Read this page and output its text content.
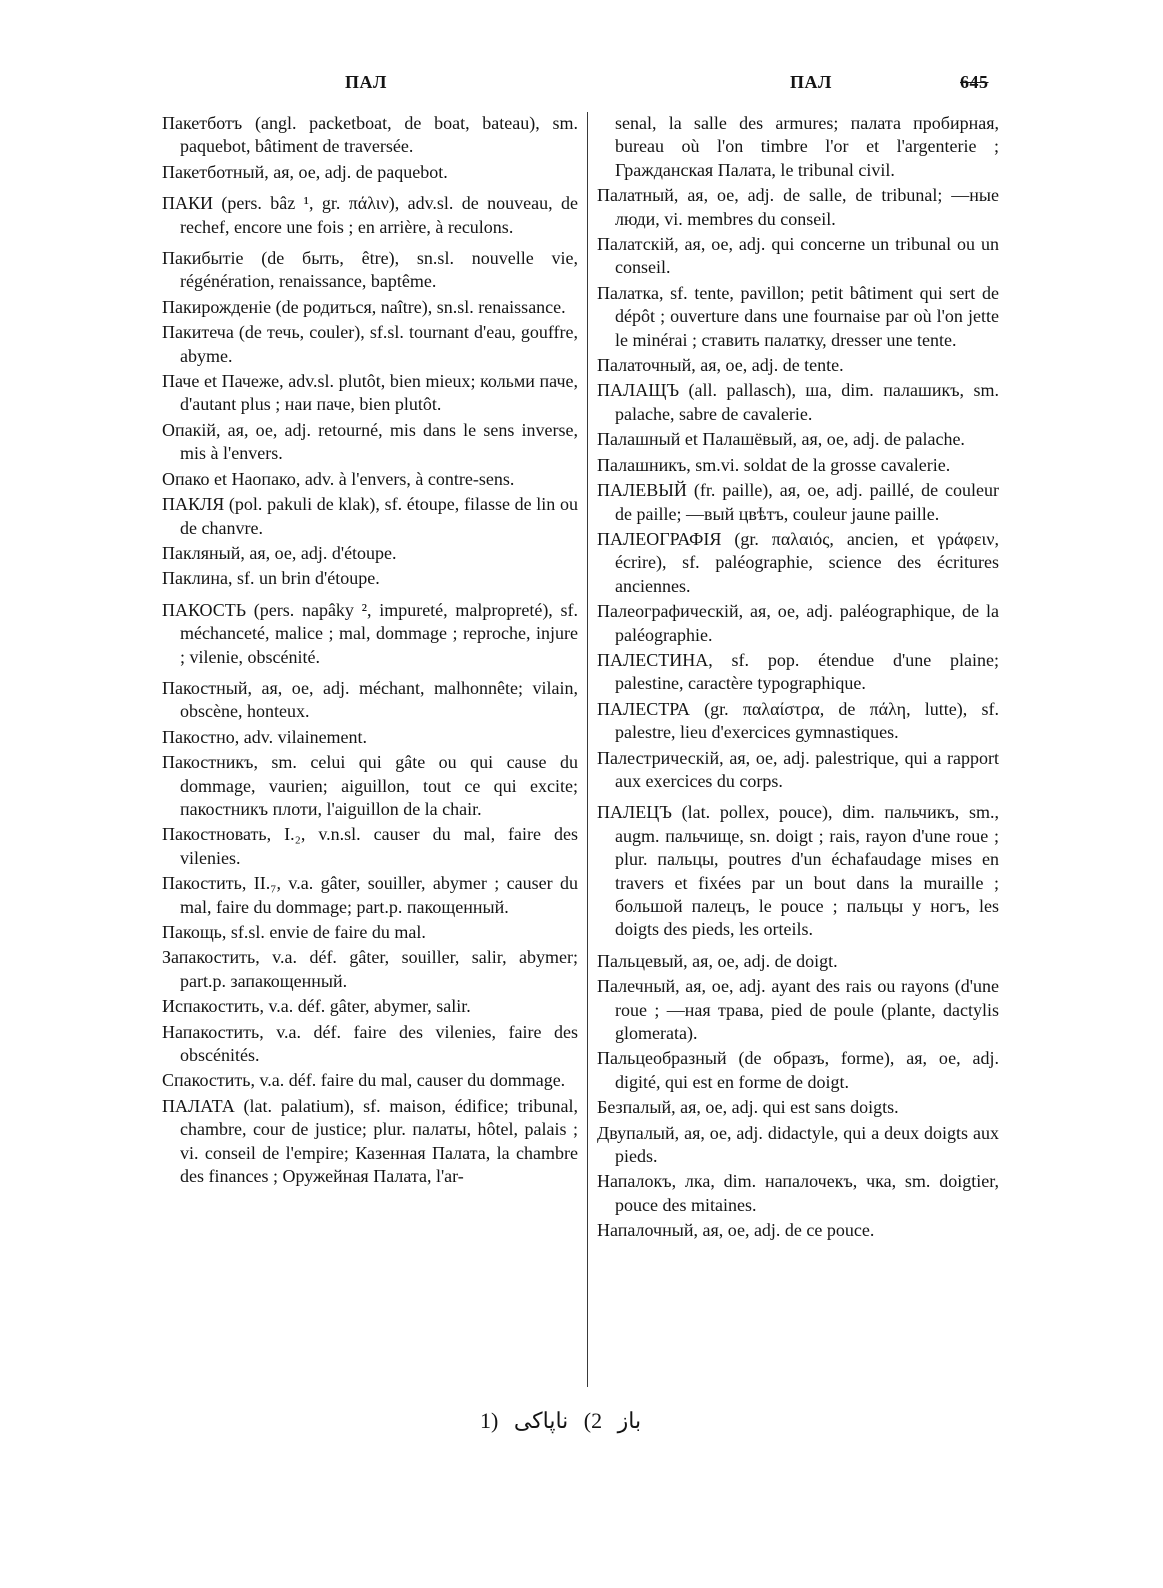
ПАЛ	ПАЛ	645

Пакетботъ (angl. packetboat, de boat, bateau), sm. paquebot, bâtiment de traversée.

Пакетботный, ая, ое, adj. de paquebot.

ПАКИ (pers. bâz ¹, gr. πάλιν), adv.sl. de nouveau, de rechef, encore une fois ; en arrière, à reculons.

Пакибытіе (de быть, être), sn.sl. nouvelle vie, régénération, renaissance, baptême.

Пакирожденіе (de родиться, naître), sn.sl. renaissance.

Пакитеча (de течь, couler), sf.sl. tournant d'eau, gouffre, abyme.

Паче et Пачеже, adv.sl. plutôt, bien mieux; кольми паче, d'autant plus ; наи паче, bien plutôt.

Опакій, ая, ое, adj. retourné, mis dans le sens inverse, mis à l'envers.

Опако et Наопако, adv. à l'envers, à contre-sens.

ПАКЛЯ (pol. pakuli de klak), sf. étoupe, filasse de lin ou de chanvre.

Пакляный, ая, ое, adj. d'étoupe.

Паклина, sf. un brin d'étoupe.

ПАКОСТЬ (pers. napâky ², impureté, malpropreté), sf. méchanceté, malice ; mal, dommage ; reproche, injure ; vilenie, obscénité.

Пакостный, ая, ое, adj. méchant, malhonnête; vilain, obscène, honteux.

Пакостно, adv. vilainement.

Пакостникъ, sm. celui qui gâte ou qui cause du dommage, vaurien; aiguillon, tout ce qui excite; пакостникъ плоти, l'aiguillon de la chair.

Пакостновать, I.₂, v.n.sl. causer du mal, faire des vilenies.

Пакостить, II.₇, v.a. gâter, souiller, abymer ; causer du mal, faire du dommage; part.p. пакощенный.

Пакощь, sf.sl. envie de faire du mal.

Запакостить, v.a. déf. gâter, souiller, salir, abymer; part.p. запакощенный.

Испакостить, v.a. déf. gâter, abymer, salir.

Напакостить, v.a. déf. faire des vilenies, faire des obscénités.

Спакостить, v.a. déf. faire du mal, causer du dommage.

ПАЛАТА (lat. palatium), sf. maison, édifice; tribunal, chambre, cour de justice; plur. палаты, hôtel, palais ; vi. conseil de l'empire; Казенная Палата, la chambre des finances ; Оружейная Палата, l'ar-

senal, la salle des armures; палата пробирная, bureau où l'on timbre l'or et l'argenterie ; Гражданская Палата, le tribunal civil.

Палатный, ая, ое, adj. de salle, de tribunal; —ные люди, vi. membres du conseil.

Палатскій, ая, ое, adj. qui concerne un tribunal ou un conseil.

Палатка, sf. tente, pavillon; petit bâtiment qui sert de dépôt ; ouverture dans une fournaise par où l'on jette le minérai ; ставить палатку, dresser une tente.

Палаточный, ая, ое, adj. de tente.

ПАЛАЩЪ (all. pallasch), ша, dim. палашикъ, sm. palache, sabre de cavalerie.

Палашный et Палашёвый, ая, ое, adj. de palache.

Палашникъ, sm.vi. soldat de la grosse cavalerie.

ПАЛЕВЫЙ (fr. paille), ая, ое, adj. paillé, de couleur de paille; —вый цвѣтъ, couleur jaune paille.

ПАЛЕОГРАФІЯ (gr. παλαιός, ancien, et γράφειν, écrire), sf. paléographie, science des écritures anciennes.

Палеографическій, ая, ое, adj. paléographique, de la paléographie.

ПАЛЕСТИНА, sf. pop. étendue d'une plaine; palestine, caractère typographique.

ПАЛЕСТРА (gr. παλαίστρα, de πάλη, lutte), sf. palestre, lieu d'exercices gymnastiques.

Палестрическій, ая, ое, adj. palestrique, qui a rapport aux exercices du corps.

ПАЛЕЦЪ (lat. pollex, pouce), dim. пальчикъ, sm., augm. пальчище, sn. doigt ; rais, rayon d'une roue ; plur. пальцы, poutres d'un échafaudage mises en travers et fixées par un bout dans la muraille ; большой палецъ, le pouce ; пальцы у ногъ, les doigts des pieds, les orteils.

Пальцевый, ая, ое, adj. de doigt.

Палечный, ая, ое, adj. ayant des rais ou rayons (d'une roue ; —ная трава, pied de poule (plante, dactylis glomerata).

Пальцеобразный (de образъ, forme), ая, ое, adj. digité, qui est en forme de doigt.

Безпалый, ая, ое, adj. qui est sans doigts.

Двупалый, ая, ое, adj. didactyle, qui a deux doigts aux pieds.

Напалокъ, лка, dim. напалочекъ, чка, sm. doigtier, pouce des mitaines.

Напалочный, ая, ое, adj. de ce pouce.

1)	باز 2) ناپاکی
